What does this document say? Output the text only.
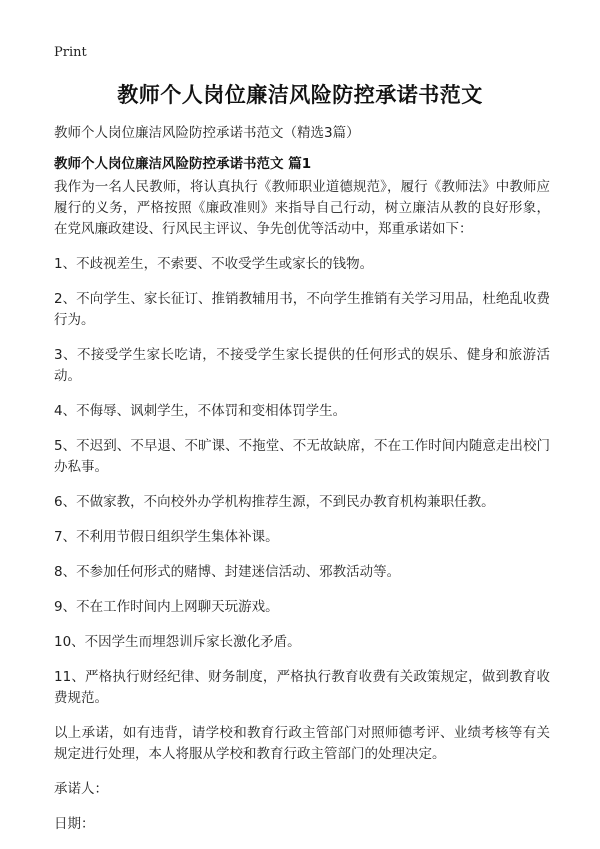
Print
教师个人岗位廉洁风险防控承诺书范文
教师个人岗位廉洁风险防控承诺书范文（精选3篇）
教师个人岗位廉洁风险防控承诺书范文 篇1

我作为一名人民教师，将认真执行《教师职业道德规范》，履行《教师法》中教师应履行的义务，严格按照《廉政准则》来指导自己行动，树立廉洁从教的良好形象，在党风廉政建设、行风民主评议、争先创优等活动中，郑重承诺如下：

1、不歧视差生，不索要、不收受学生或家长的钱物。

2、不向学生、家长征订、推销教辅用书，不向学生推销有关学习用品，杜绝乱收费行为。

3、不接受学生家长吃请，不接受学生家长提供的任何形式的娱乐、健身和旅游活动。

4、不侮辱、讽刺学生，不体罚和变相体罚学生。

5、不迟到、不早退、不旷课、不拖堂、不无故缺席，不在工作时间内随意走出校门办私事。

6、不做家教，不向校外办学机构推荐生源，不到民办教育机构兼职任教。

7、不利用节假日组织学生集体补课。

8、不参加任何形式的赌博、封建迷信活动、邪教活动等。

9、不在工作时间内上网聊天玩游戏。

10、不因学生而埋怨训斥家长激化矛盾。

11、严格执行财经纪律、财务制度，严格执行教育收费有关政策规定，做到教育收费规范。

以上承诺，如有违背，请学校和教育行政主管部门对照师德考评、业绩考核等有关规定进行处理，本人将服从学校和教育行政主管部门的处理决定。

承诺人：

日期：
